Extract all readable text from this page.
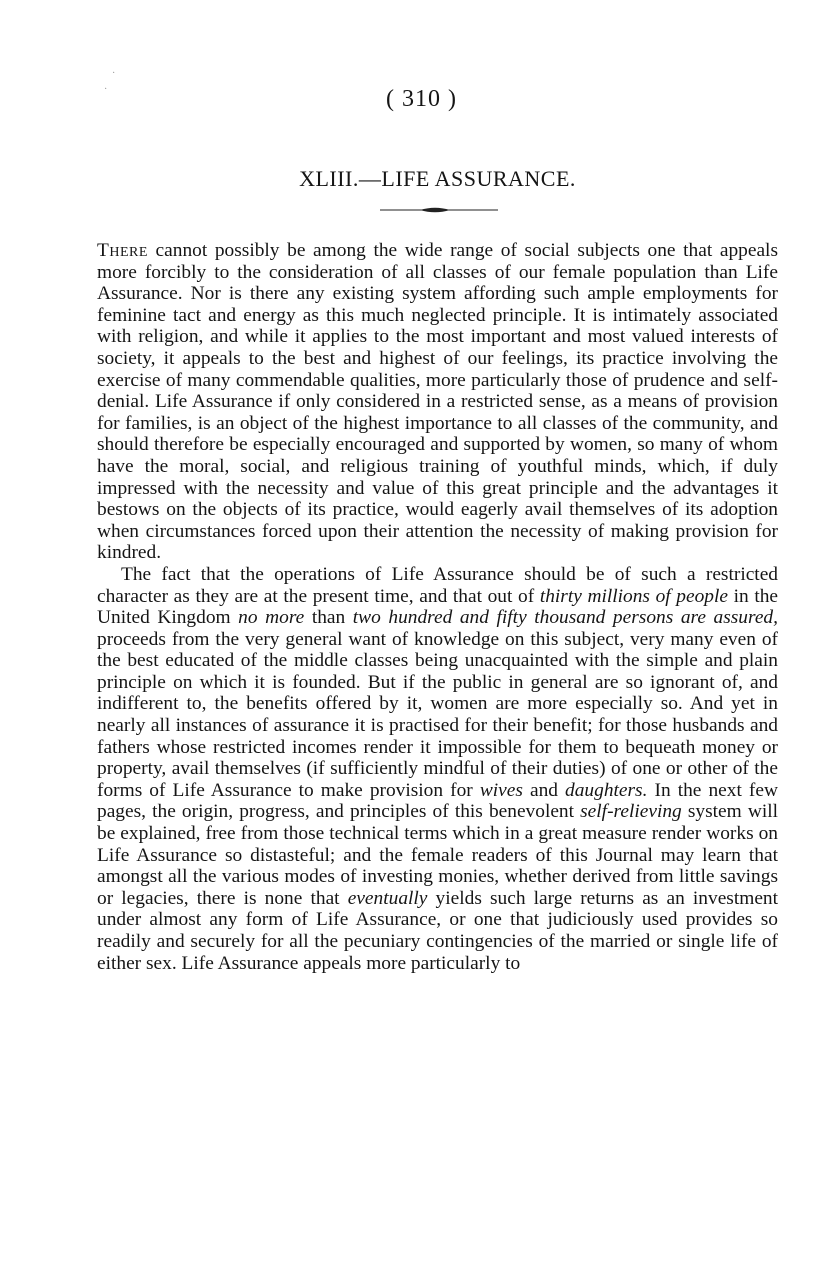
·
·	( 310 )
XLIII.—LIFE ASSURANCE.

There cannot possibly be among the wide range of social subjects one that appeals more forcibly to the consideration of all classes of our female population than Life Assurance. Nor is there any existing system affording such ample employments for feminine tact and energy as this much neglected principle. It is intimately associated with religion, and while it applies to the most important and most valued interests of society, it appeals to the best and highest of our feelings, its practice involving the exercise of many commendable qualities, more particularly those of prudence and self-denial. Life Assurance if only considered in a restricted sense, as a means of provision for families, is an object of the highest importance to all classes of the community, and should therefore be especially encouraged and supported by women, so many of whom have the moral, social, and religious training of youthful minds, which, if duly impressed with the necessity and value of this great principle and the advantages it bestows on the objects of its practice, would eagerly avail themselves of its adoption when circumstances forced upon their attention the necessity of making provision for kindred.

The fact that the operations of Life Assurance should be of such a restricted character as they are at the present time, and that out of thirty millions of people in the United Kingdom no more than two hundred and fifty thousand persons are assured, proceeds from the very general want of knowledge on this subject, very many even of the best educated of the middle classes being unacquainted with the simple and plain principle on which it is founded. But if the public in general are so ignorant of, and indifferent to, the benefits offered by it, women are more especially so. And yet in nearly all instances of assurance it is practised for their benefit; for those husbands and fathers whose restricted incomes render it impossible for them to bequeath money or property, avail themselves (if sufficiently mindful of their duties) of one or other of the forms of Life Assurance to make provision for wives and daughters. In the next few pages, the origin, progress, and principles of this benevolent self-relieving system will be explained, free from those technical terms which in a great measure render works on Life Assurance so distasteful; and the female readers of this Journal may learn that amongst all the various modes of investing monies, whether derived from little savings or legacies, there is none that eventually yields such large returns as an investment under almost any form of Life Assurance, or one that judiciously used provides so readily and securely for all the pecuniary contingencies of the married or single life of either sex. Life Assurance appeals more particularly to
